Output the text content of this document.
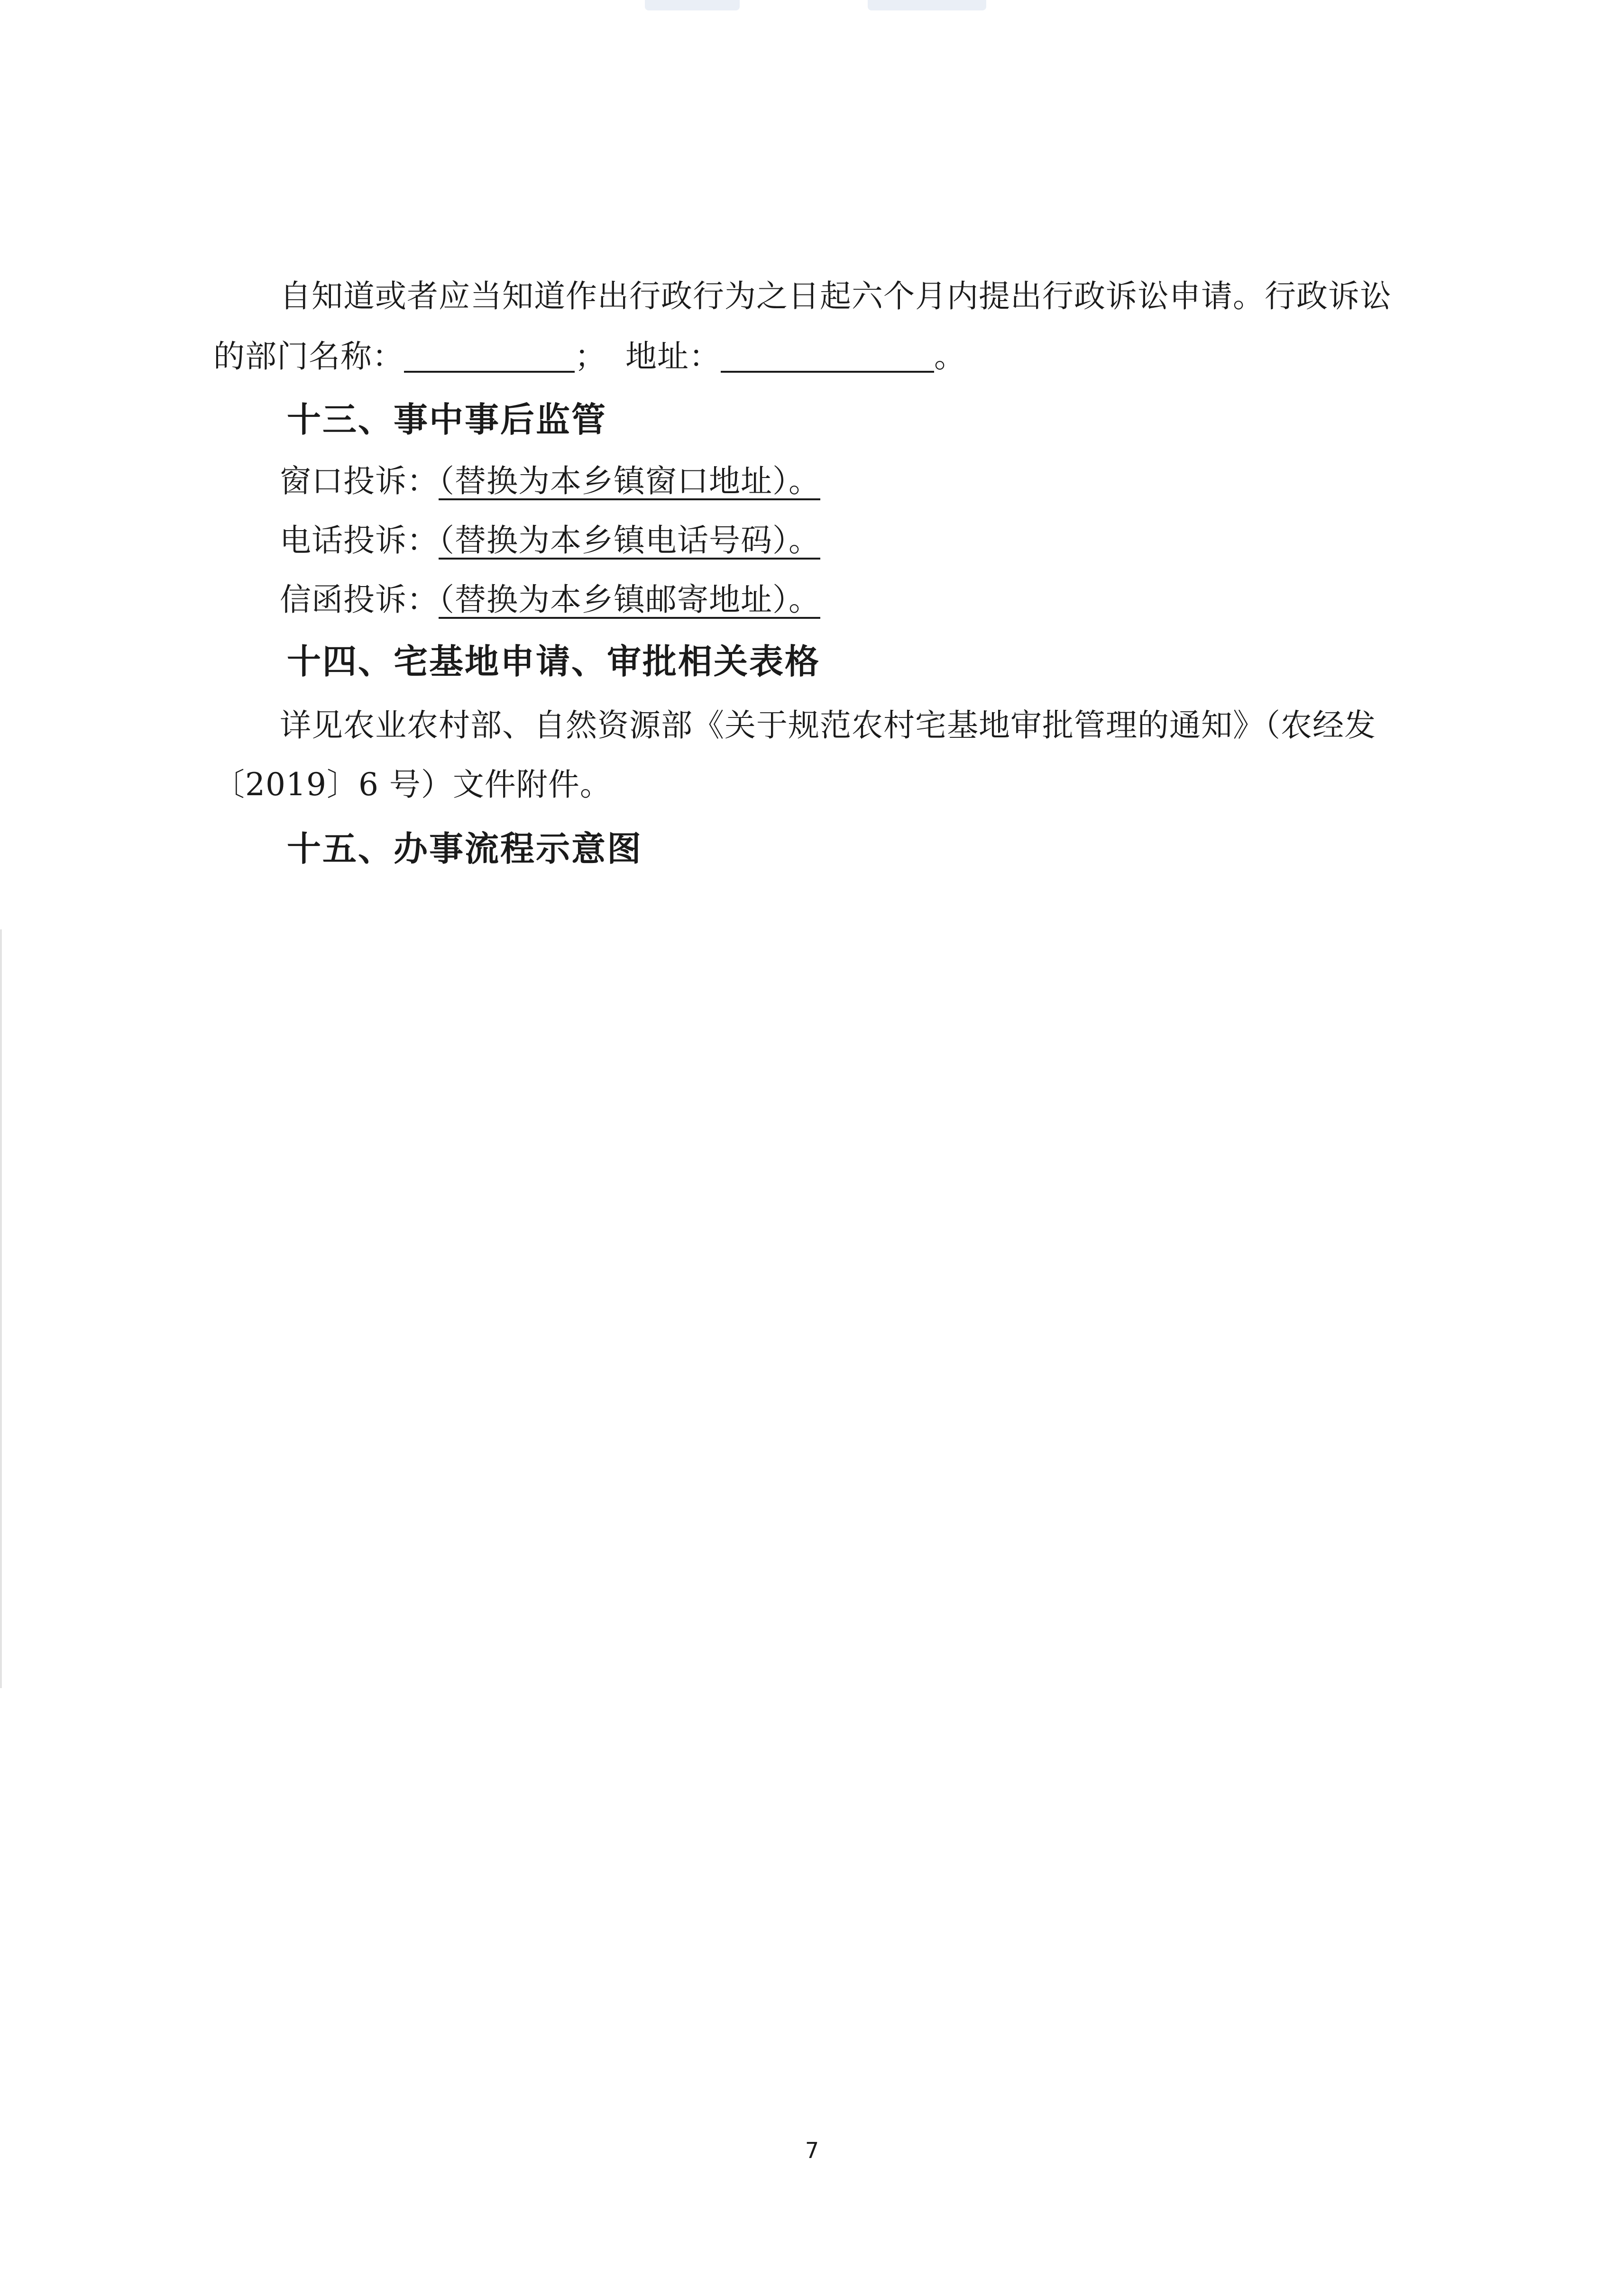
自知道或者应当知道作出行政行为之日起六个月内提出行政诉讼申请。行政诉讼
的部门名称：	； 地址：	。
十三、事中事后监管
窗口投诉：（替换为本乡镇窗口地址）。
电话投诉：（替换为本乡镇电话号码）。
信函投诉：（替换为本乡镇邮寄地址）。
十四、宅基地申请、审批相关表格
详见农业农村部、自然资源部《关于规范农村宅基地审批管理的通知》（农经发
〔2019〕6 号）文件附件。
十五、办事流程示意图
7
